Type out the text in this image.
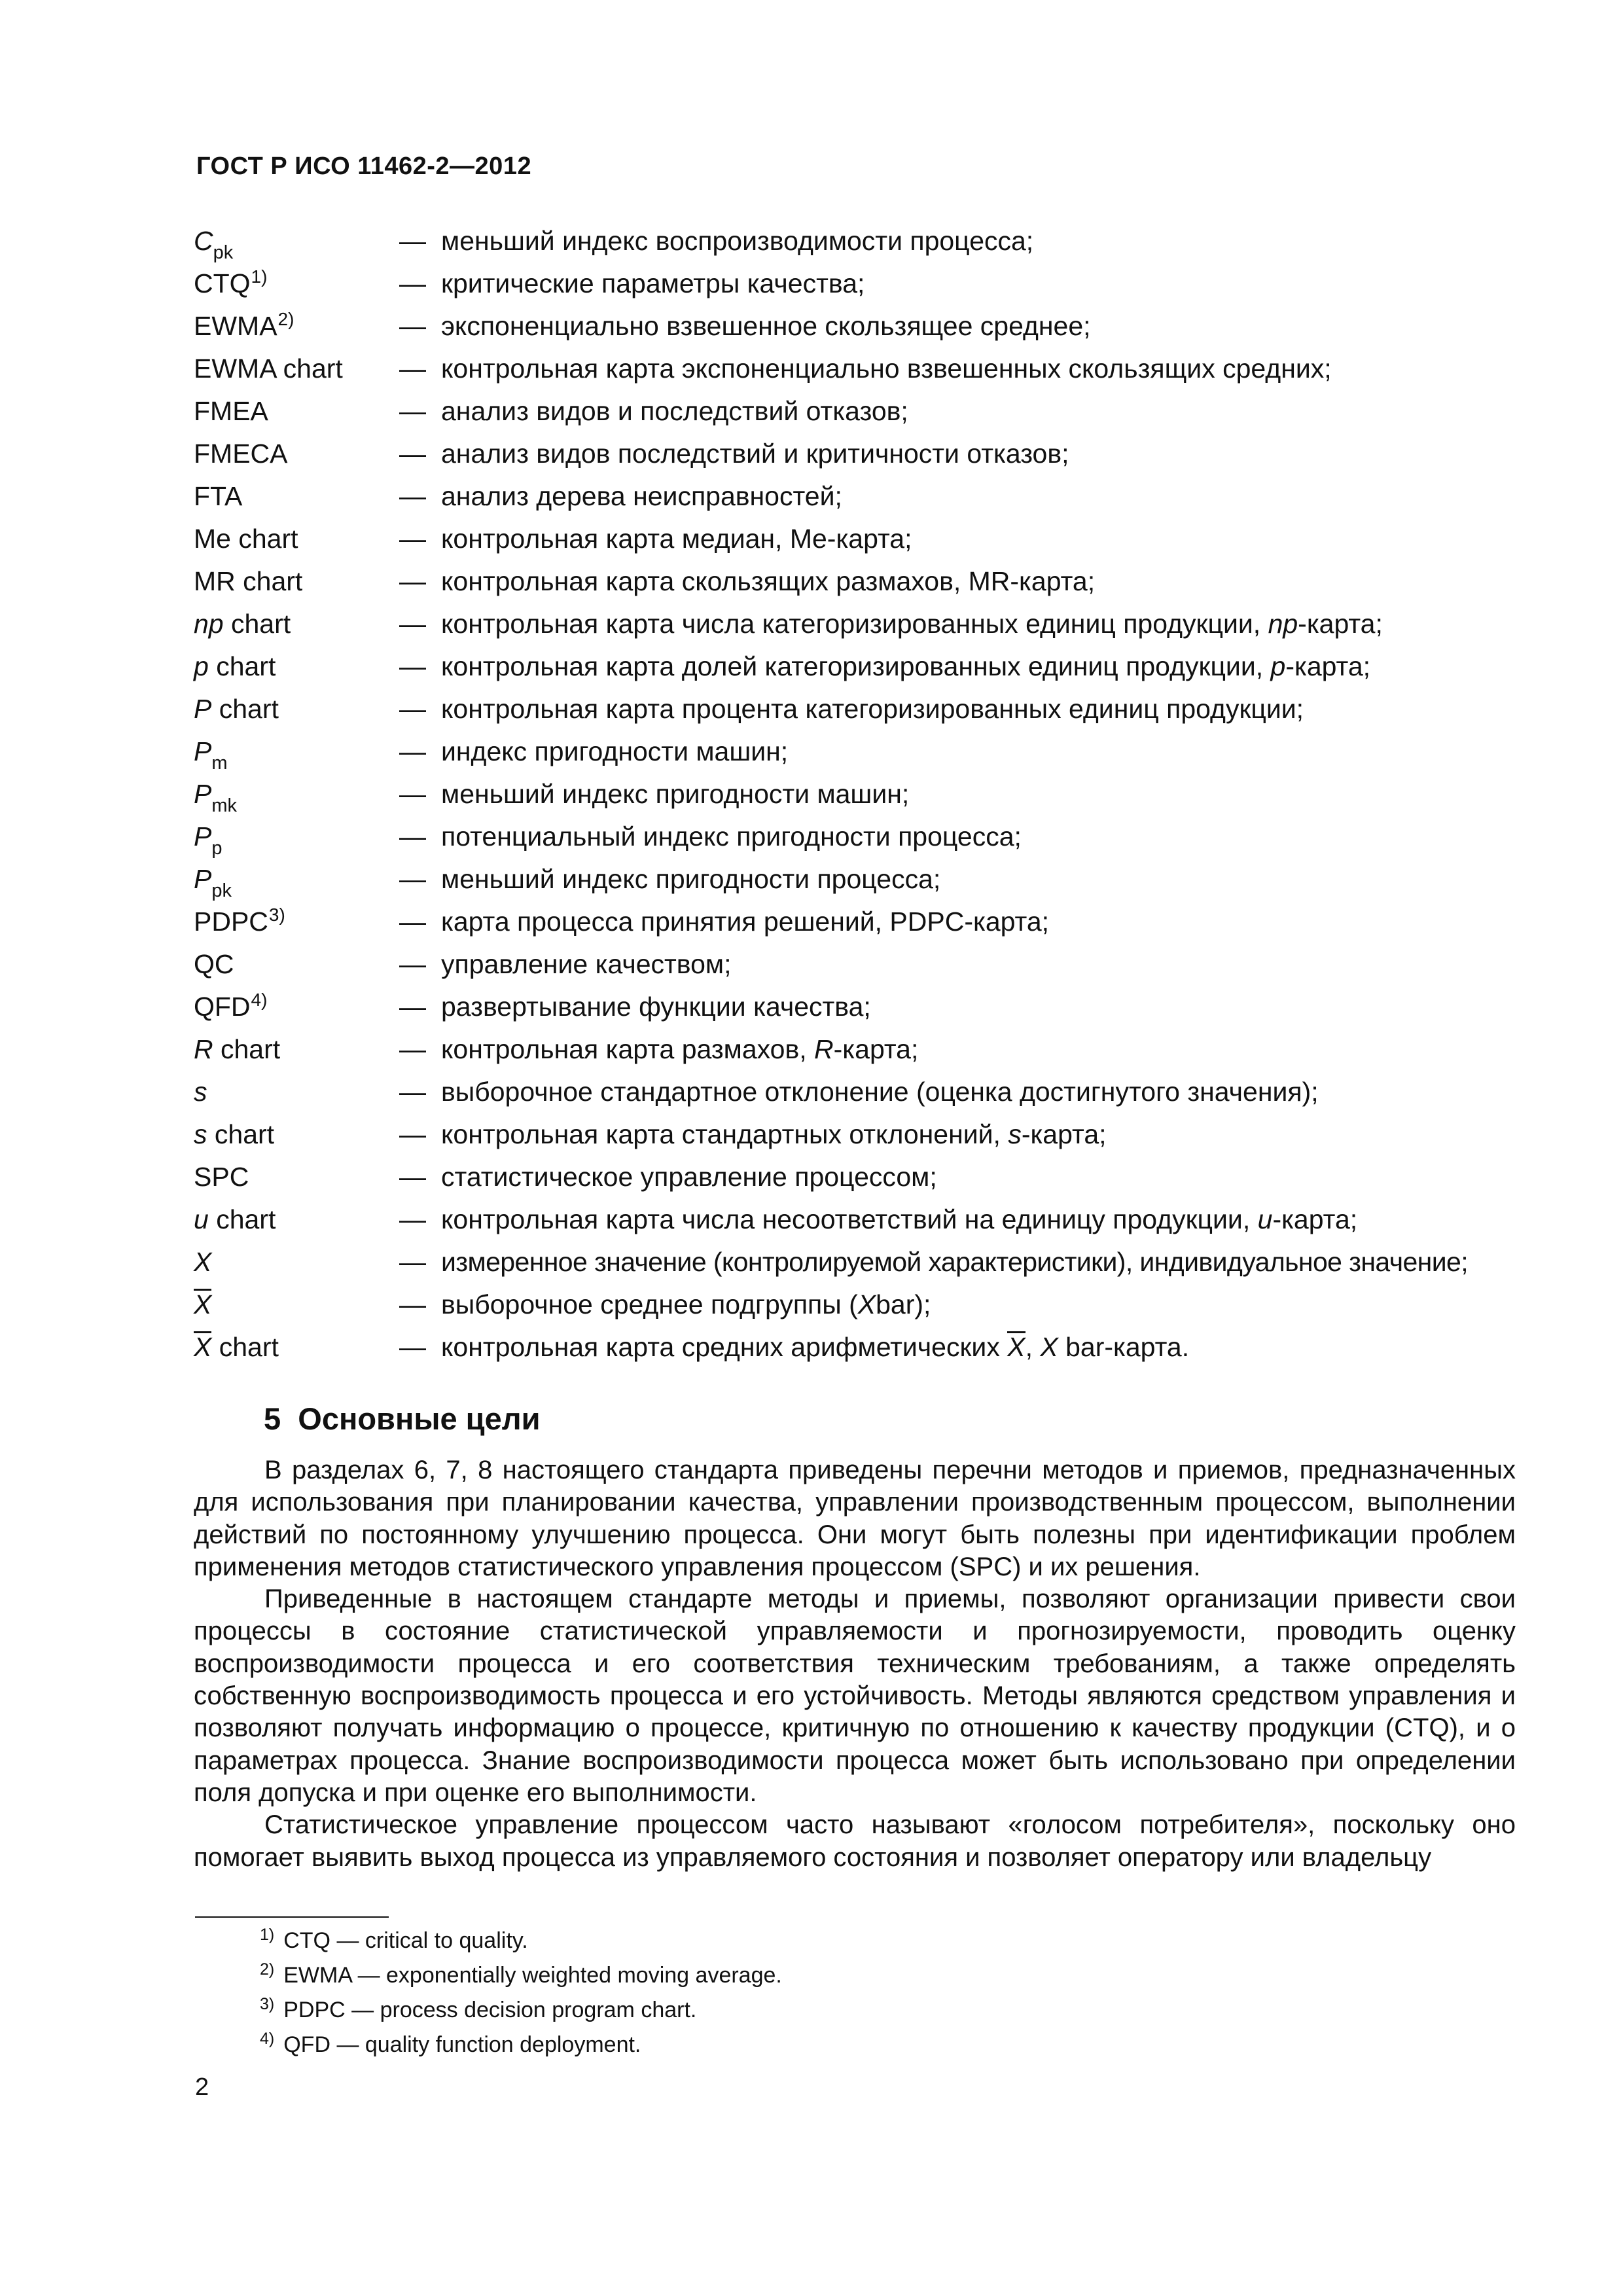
ГОСТ Р ИСО 11462-2—2012
$C_{pk}$	— меньший индекс воспроизводимости процесса;
CTQ$^{1)}$	— критические параметры качества;
EWMA$^{2)}$	— экспоненциально взвешенное скользящее среднее;
EWMA chart — контрольная карта экспоненциально взвешенных скользящих средних;
FMEA	— анализ видов и последствий отказов;
FMECA	— анализ видов последствий и критичности отказов;
FTA	— анализ дерева неисправностей;
Me chart	— контрольная карта медиан, Me-карта;
MR chart	— контрольная карта скользящих размахов, MR-карта;
np chart	— контрольная карта числа категоризированных единиц продукции, np-карта;
p chart	— контрольная карта долей категоризированных единиц продукции, p-карта;
P chart	— контрольная карта процента категоризированных единиц продукции;
$P_m$	— индекс пригодности машин;
$P_{mk}$	— меньший индекс пригодности машин;
$P_p$	— потенциальный индекс пригодности процесса;
$P_{pk}$	— меньший индекс пригодности процесса;
PDPC$^{3)}$	— карта процесса принятия решений, PDPC-карта;
QC	— управление качеством;
QFD$^{4)}$	— развертывание функции качества;
R chart	— контрольная карта размахов, R-карта;
s	— выборочное стандартное отклонение (оценка достигнутого значения);
s chart	— контрольная карта стандартных отклонений, s-карта;
SPC	— статистическое управление процессом;
u chart	— контрольная карта числа несоответствий на единицу продукции, u-карта;
X	— измеренное значение (контролируемой характеристики), индивидуальное значение;
X	— выборочное среднее подгруппы (Xbar);
X chart	— контрольная карта средних арифметических X, X bar-карта.
5 Основные цели

В разделах 6, 7, 8 настоящего стандарта приведены перечни методов и приемов, предназначенных для использования при планировании качества, управлении производственным процессом, выполнении действий по постоянному улучшению процесса. Они могут быть полезны при идентификации проблем применения методов статистического управления процессом (SPC) и их решения.

Приведенные в настоящем стандарте методы и приемы, позволяют организации привести свои процессы в состояние статистической управляемости и прогнозируемости, проводить оценку воспроизводимости процесса и его соответствия техническим требованиям, а также определять собственную воспроизводимость процесса и его устойчивость. Методы являются средством управления и позволяют получать информацию о процессе, критичную по отношению к качеству продукции (CTQ), и о параметрах процесса. Знание воспроизводимости процесса может быть использовано при определении поля допуска и при оценке его выполнимости.

Статистическое управление процессом часто называют «голосом потребителя», поскольку оно помогает выявить выход процесса из управляемого состояния и позволяет оператору или владельцу

$^{1)}$ CTQ — critical to quality.
$^{2)}$ EWMA — exponentially weighted moving average.
$^{3)}$ PDPC — process decision program chart.
$^{4)}$ QFD — quality function deployment.
2
